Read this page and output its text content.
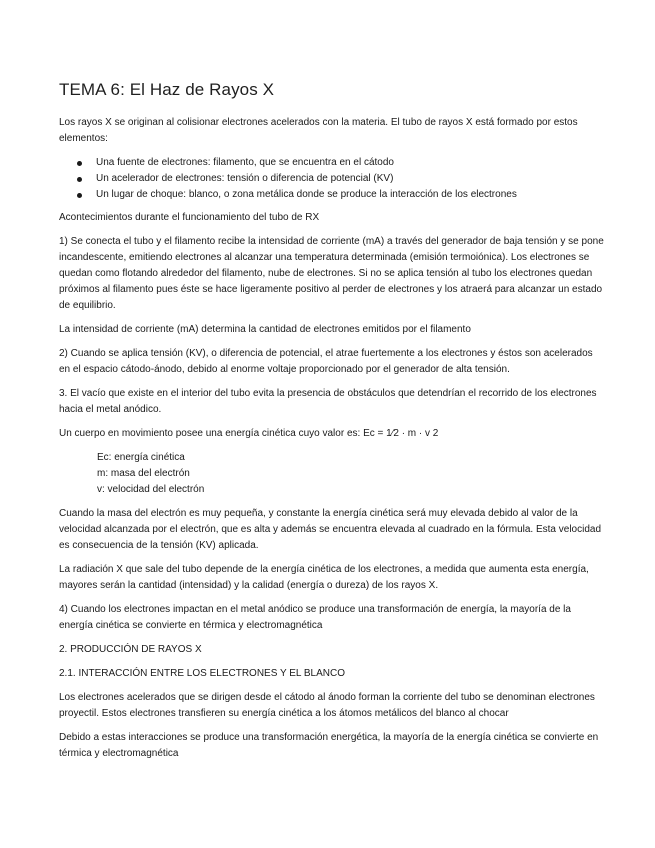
TEMA 6: El Haz de Rayos X

Los rayos X se originan al colisionar electrones acelerados con la materia. El tubo de rayos X está formado por estos elementos:

Una fuente de electrones: filamento, que se encuentra en el cátodo
Un acelerador de electrones: tensión o diferencia de potencial (KV)
Un lugar de choque: blanco, o zona metálica donde se produce la interacción de los electrones

Acontecimientos durante el funcionamiento del tubo de RX

1) Se conecta el tubo y el filamento recibe la intensidad de corriente (mA) a través del generador de baja tensión y se pone incandescente, emitiendo electrones al alcanzar una temperatura determinada (emisión termoiónica). Los electrones se quedan como flotando alrededor del filamento, nube de electrones. Si no se aplica tensión al tubo los electrones quedan próximos al filamento pues éste se hace ligeramente positivo al perder de electrones y los atraerá para alcanzar un estado de equilibrio.

La intensidad de corriente (mA) determina la cantidad de electrones emitidos por el filamento

2) Cuando se aplica tensión (KV), o diferencia de potencial, el atrae fuertemente a los electrones y éstos son acelerados en el espacio cátodo-ánodo, debido al enorme voltaje proporcionado por el generador de alta tensión.

3. El vacío que existe en el interior del tubo evita la presencia de obstáculos que detendrían el recorrido de los electrones hacia el metal anódico.

Un cuerpo en movimiento posee una energía cinética cuyo valor es: Ec = 1⁄2 · m · v 2

Ec: energía cinética
m: masa del electrón
v: velocidad del electrón

Cuando la masa del electrón es muy pequeña, y constante la energía cinética será muy elevada debido al valor de la velocidad alcanzada por el electrón, que es alta y además se encuentra elevada al cuadrado en la fórmula. Esta velocidad es consecuencia de la tensión (KV) aplicada.

La radiación X que sale del tubo depende de la energía cinética de los electrones, a medida que aumenta esta energía, mayores serán la cantidad (intensidad) y la calidad (energía o dureza) de los rayos X.

4) Cuando los electrones impactan en el metal anódico se produce una transformación de energía, la mayoría de la energía cinética se convierte en térmica y electromagnética

2. PRODUCCIÓN DE RAYOS X
2.1. INTERACCIÓN ENTRE LOS ELECTRONES Y EL BLANCO

Los electrones acelerados que se dirigen desde el cátodo al ánodo forman la corriente del tubo se denominan electrones proyectil. Estos electrones transfieren su energía cinética a los átomos metálicos del blanco al chocar

Debido a estas interacciones se produce una transformación energética, la mayoría de la energía cinética se convierte en térmica y electromagnética
